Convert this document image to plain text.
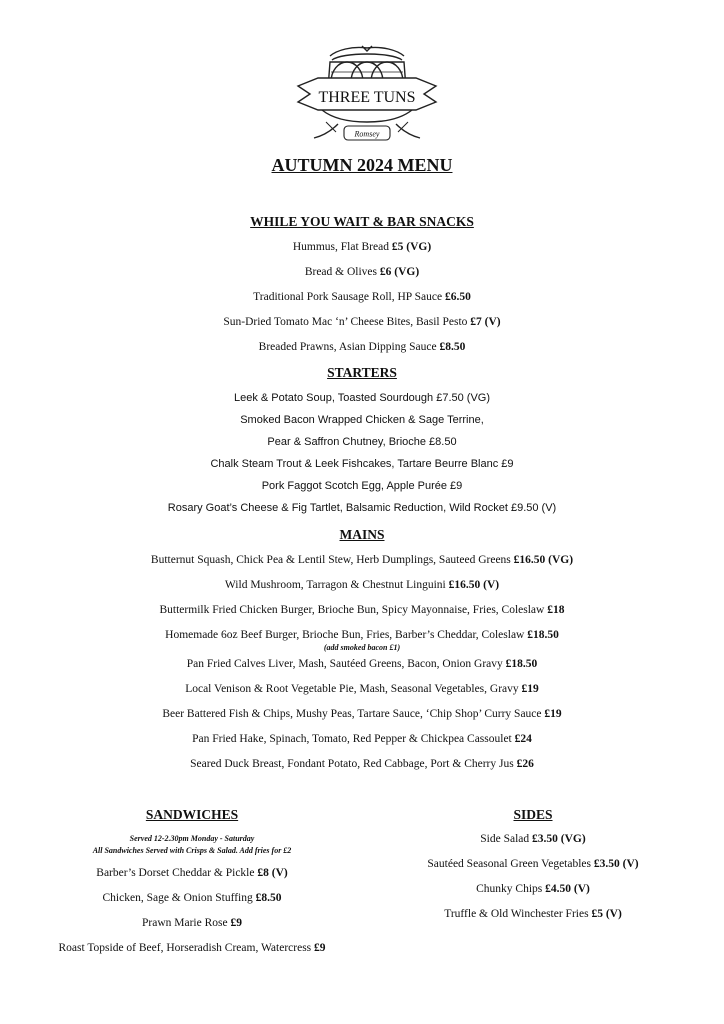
THREE TUNS
Romsey
AUTUMN 2024 MENU
WHILE YOU WAIT & BAR SNACKS
Hummus, Flat Bread £5 (VG)
Bread & Olives £6 (VG)
Traditional Pork Sausage Roll, HP Sauce £6.50
Sun-Dried Tomato Mac ‘n’ Cheese Bites, Basil Pesto £7 (V)
Breaded Prawns, Asian Dipping Sauce £8.50
STARTERS
Leek & Potato Soup, Toasted Sourdough £7.50 (VG)
Smoked Bacon Wrapped Chicken & Sage Terrine,
Pear & Saffron Chutney, Brioche £8.50
Chalk Steam Trout & Leek Fishcakes, Tartare Beurre Blanc £9
Pork Faggot Scotch Egg, Apple Purée £9
Rosary Goat’s Cheese & Fig Tartlet, Balsamic Reduction, Wild Rocket £9.50 (V)
MAINS
Butternut Squash, Chick Pea & Lentil Stew, Herb Dumplings, Sauteed Greens £16.50 (VG)
Wild Mushroom, Tarragon & Chestnut Linguini £16.50 (V)
Buttermilk Fried Chicken Burger, Brioche Bun, Spicy Mayonnaise, Fries, Coleslaw £18
Homemade 6oz Beef Burger, Brioche Bun, Fries, Barber’s Cheddar, Coleslaw £18.50
(add smoked bacon £1)
Pan Fried Calves Liver, Mash, Sautéed Greens, Bacon, Onion Gravy £18.50
Local Venison & Root Vegetable Pie, Mash, Seasonal Vegetables, Gravy £19
Beer Battered Fish & Chips, Mushy Peas, Tartare Sauce, ‘Chip Shop’ Curry Sauce £19
Pan Fried Hake, Spinach, Tomato, Red Pepper & Chickpea Cassoulet £24
Seared Duck Breast, Fondant Potato, Red Cabbage, Port & Cherry Jus £26
SANDWICHES
Served 12-2.30pm Monday - Saturday
All Sandwiches Served with Crisps & Salad. Add fries for £2
Barber’s Dorset Cheddar & Pickle £8 (V)
Chicken, Sage & Onion Stuffing £8.50
Prawn Marie Rose £9
Roast Topside of Beef, Horseradish Cream, Watercress £9
SIDES
Side Salad £3.50 (VG)
Sautéed Seasonal Green Vegetables £3.50 (V)
Chunky Chips £4.50 (V)
Truffle & Old Winchester Fries £5 (V)
